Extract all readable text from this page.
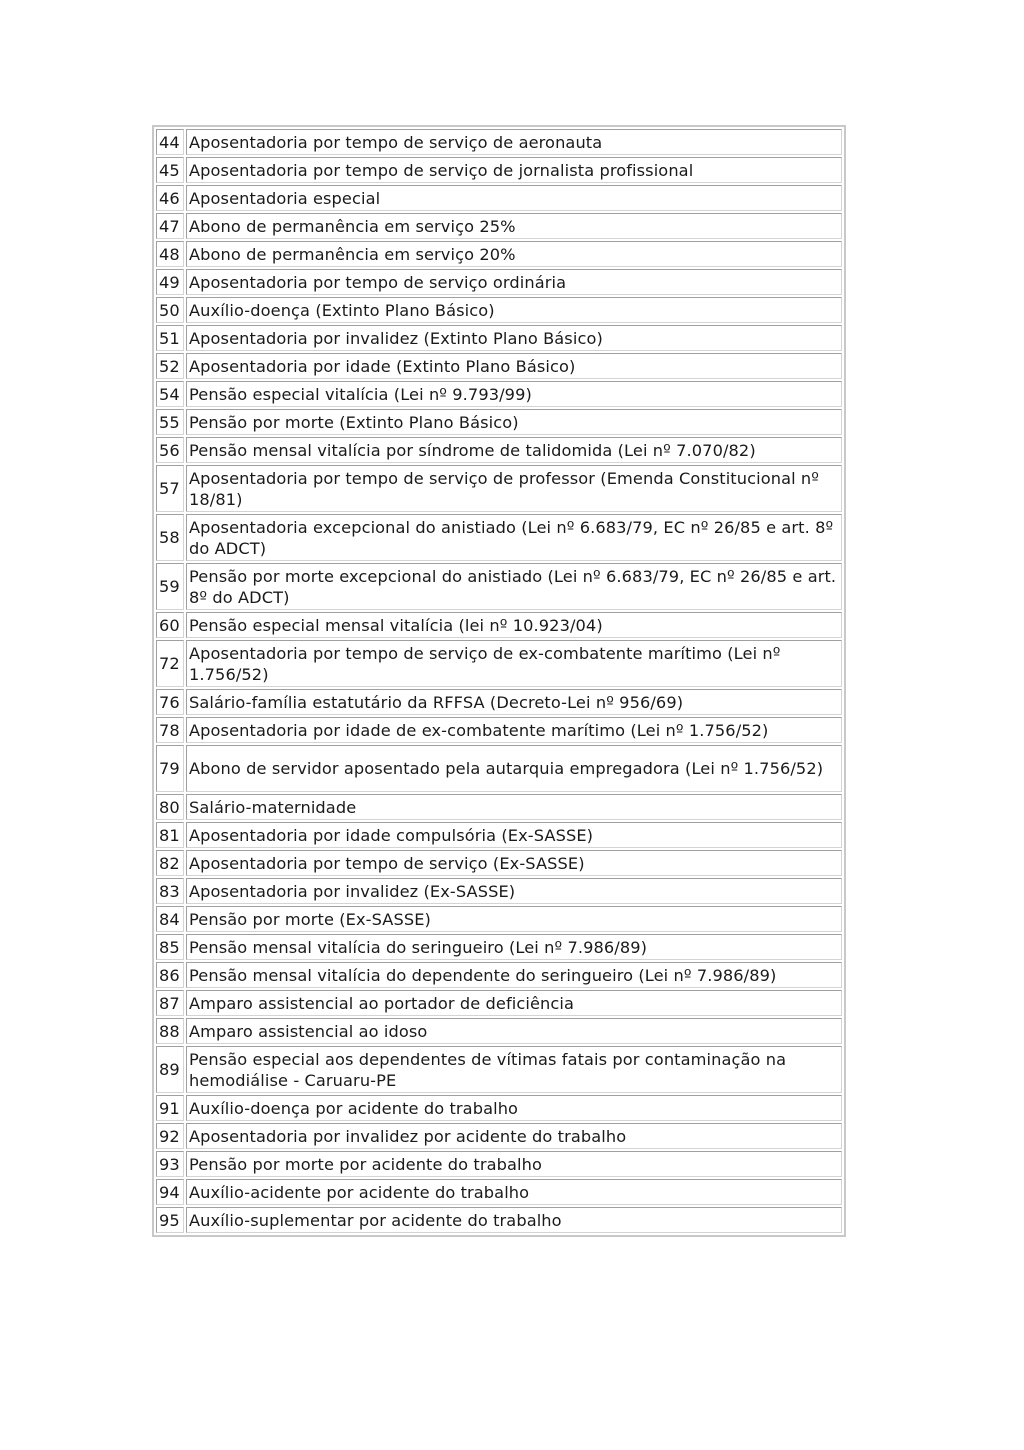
44	Aposentadoria por tempo de serviço de aeronauta
45	Aposentadoria por tempo de serviço de jornalista profissional
46	Aposentadoria especial
47	Abono de permanência em serviço 25%
48	Abono de permanência em serviço 20%
49	Aposentadoria por tempo de serviço ordinária
50	Auxílio-doença (Extinto Plano Básico)
51	Aposentadoria por invalidez (Extinto Plano Básico)
52	Aposentadoria por idade (Extinto Plano Básico)
54	Pensão especial vitalícia (Lei nº 9.793/99)
55	Pensão por morte (Extinto Plano Básico)
56	Pensão mensal vitalícia por síndrome de talidomida (Lei nº 7.070/82)
57	Aposentadoria por tempo de serviço de professor (Emenda Constitucional nº 18/81)
58	Aposentadoria excepcional do anistiado (Lei nº 6.683/79, EC nº 26/85 e art. 8º do ADCT)
59	Pensão por morte excepcional do anistiado (Lei nº 6.683/79, EC nº 26/85 e art. 8º do ADCT)
60	Pensão especial mensal vitalícia (lei nº 10.923/04)
72	Aposentadoria por tempo de serviço de ex-combatente marítimo (Lei nº 1.756/52)
76	Salário-família estatutário da RFFSA (Decreto-Lei nº 956/69)
78	Aposentadoria por idade de ex-combatente marítimo (Lei nº 1.756/52)
79	Abono de servidor aposentado pela autarquia empregadora (Lei nº 1.756/52)
80	Salário-maternidade
81	Aposentadoria por idade compulsória (Ex-SASSE)
82	Aposentadoria por tempo de serviço (Ex-SASSE)
83	Aposentadoria por invalidez (Ex-SASSE)
84	Pensão por morte (Ex-SASSE)
85	Pensão mensal vitalícia do seringueiro (Lei nº 7.986/89)
86	Pensão mensal vitalícia do dependente do seringueiro (Lei nº 7.986/89)
87	Amparo assistencial ao portador de deficiência
88	Amparo assistencial ao idoso
89	Pensão especial aos dependentes de vítimas fatais por contaminação na hemodiálise - Caruaru-PE
91	Auxílio-doença por acidente do trabalho
92	Aposentadoria por invalidez por acidente do trabalho
93	Pensão por morte por acidente do trabalho
94	Auxílio-acidente por acidente do trabalho
95	Auxílio-suplementar por acidente do trabalho
